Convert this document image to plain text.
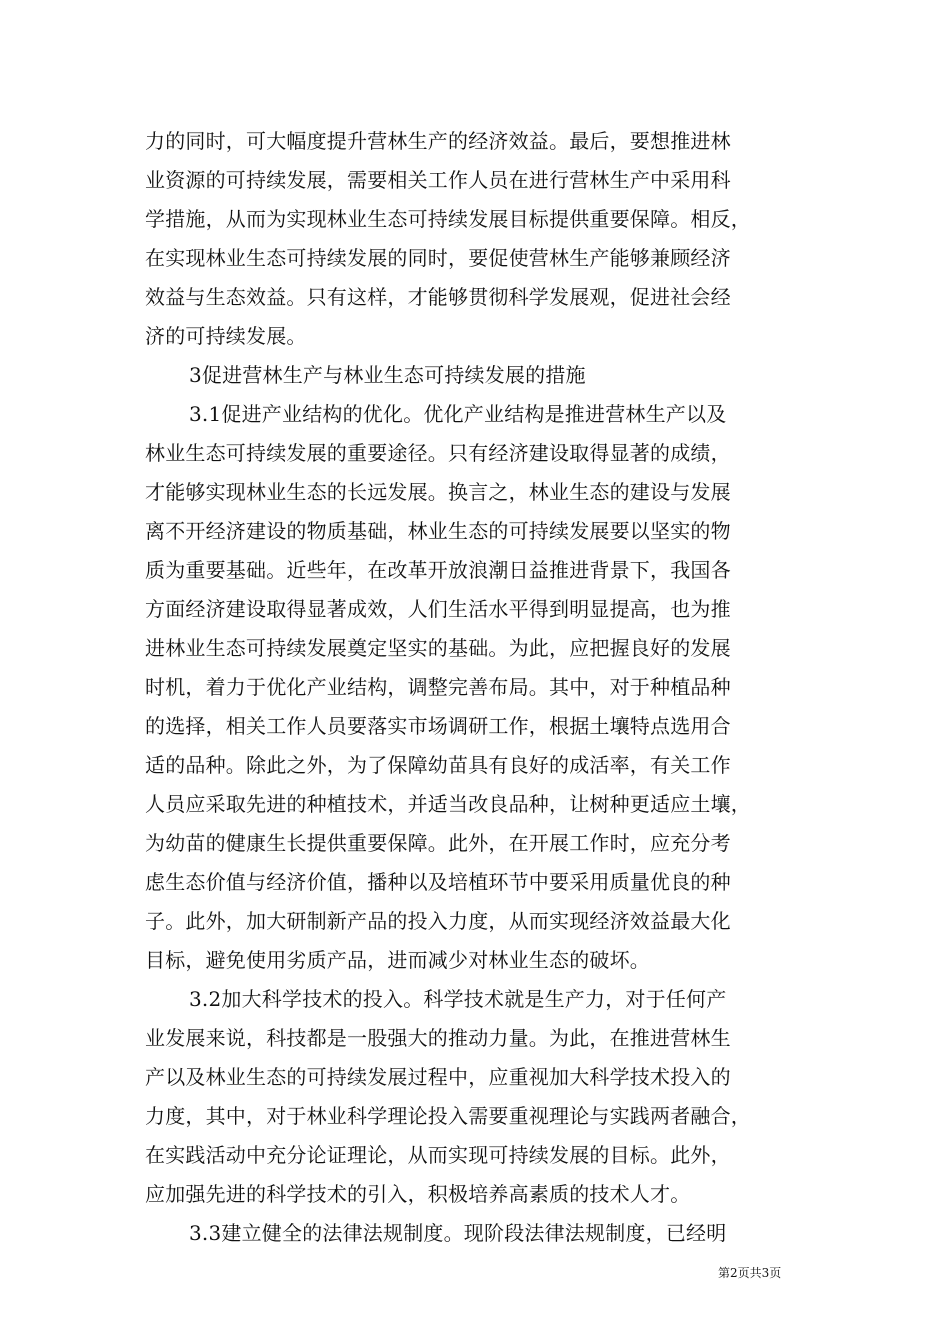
力的同时，可大幅度提升营林生产的经济效益。最后，要想推进林
业资源的可持续发展，需要相关工作人员在进行营林生产中采用科
学措施，从而为实现林业生态可持续发展目标提供重要保障。相反，
在实现林业生态可持续发展的同时，要促使营林生产能够兼顾经济
效益与生态效益。只有这样，才能够贯彻科学发展观，促进社会经
济的可持续发展。
3促进营林生产与林业生态可持续发展的措施
3.1促进产业结构的优化。优化产业结构是推进营林生产以及
林业生态可持续发展的重要途径。只有经济建设取得显著的成绩，
才能够实现林业生态的长远发展。换言之，林业生态的建设与发展
离不开经济建设的物质基础，林业生态的可持续发展要以坚实的物
质为重要基础。近些年，在改革开放浪潮日益推进背景下，我国各
方面经济建设取得显著成效，人们生活水平得到明显提高，也为推
进林业生态可持续发展奠定坚实的基础。为此，应把握良好的发展
时机，着力于优化产业结构，调整完善布局。其中，对于种植品种
的选择，相关工作人员要落实市场调研工作，根据土壤特点选用合
适的品种。除此之外，为了保障幼苗具有良好的成活率，有关工作
人员应采取先进的种植技术，并适当改良品种，让树种更适应土壤，
为幼苗的健康生长提供重要保障。此外，在开展工作时，应充分考
虑生态价值与经济价值，播种以及培植环节中要采用质量优良的种
子。此外，加大研制新产品的投入力度，从而实现经济效益最大化
目标，避免使用劣质产品，进而减少对林业生态的破坏。
3.2加大科学技术的投入。科学技术就是生产力，对于任何产
业发展来说，科技都是一股强大的推动力量。为此，在推进营林生
产以及林业生态的可持续发展过程中，应重视加大科学技术投入的
力度，其中，对于林业科学理论投入需要重视理论与实践两者融合，
在实践活动中充分论证理论，从而实现可持续发展的目标。此外，
应加强先进的科学技术的引入，积极培养高素质的技术人才。
3.3建立健全的法律法规制度。现阶段法律法规制度，已经明
第2页共3页
